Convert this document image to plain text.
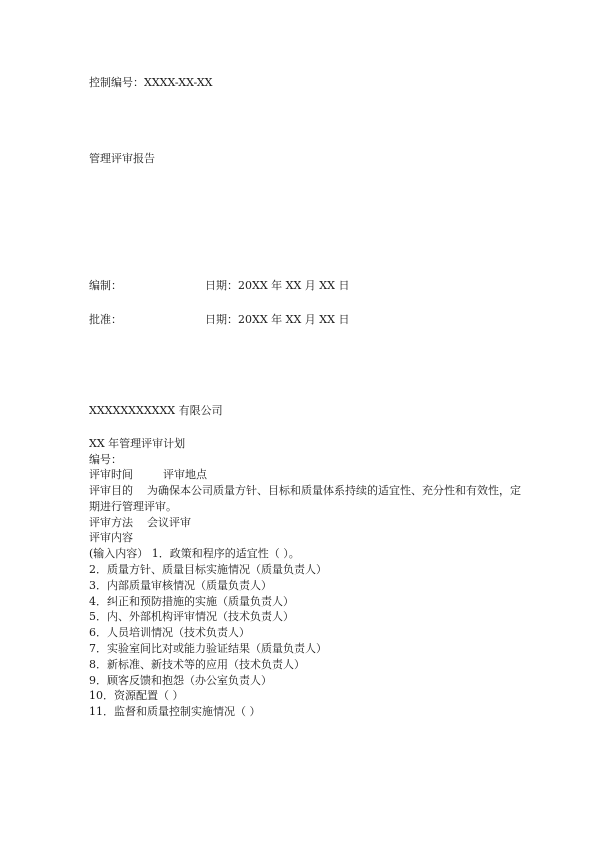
控制编号：XXXX-XX-XX
管理评审报告
编制：	日期：20XX 年 XX 月 XX 日
批准：	日期：20XX 年 XX 月 XX 日
XXXXXXXXXXX 有限公司
XX 年管理评审计划
编号：
评审时间	评审地点
评审目的 为确保本公司质量方针、目标和质量体系持续的适宜性、充分性和有效性，定期进行管理评审。
评审方法 会议评审
评审内容
(输入内容） 1．政策和程序的适宜性（ ）。
2．质量方针、质量目标实施情况（质量负责人）
3．内部质量审核情况（质量负责人）
4．纠正和预防措施的实施（质量负责人）
5．内、外部机构评审情况（技术负责人）
6．人员培训情况（技术负责人）
7．实验室间比对或能力验证结果（质量负责人）
8．新标准、新技术等的应用（技术负责人）
9．顾客反馈和抱怨（办公室负责人）
10．资源配置（ ）
11．监督和质量控制实施情况（ ）
